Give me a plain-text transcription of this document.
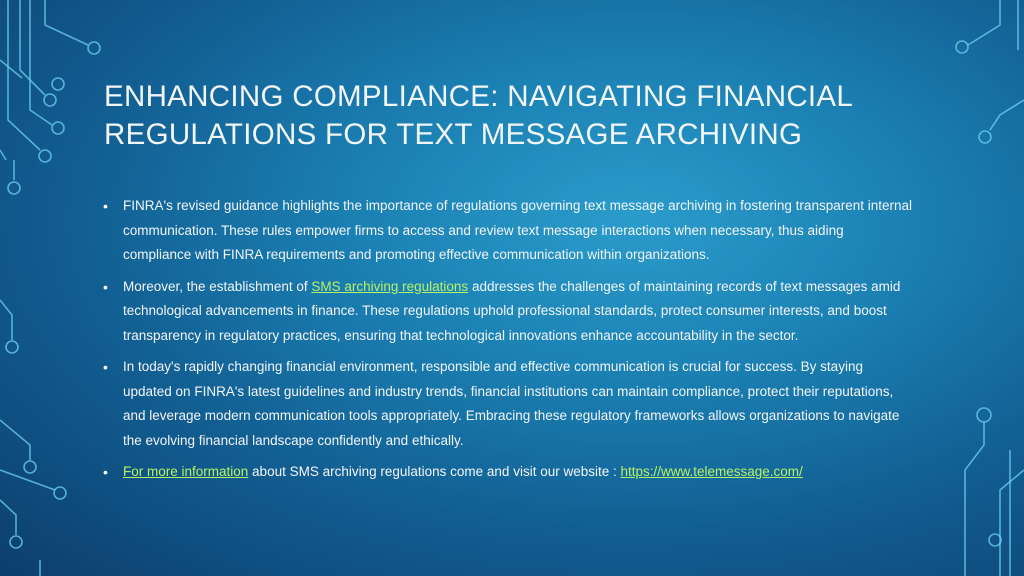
ENHANCING COMPLIANCE: NAVIGATING FINANCIAL REGULATIONS FOR TEXT MESSAGE ARCHIVING
• FINRA's revised guidance highlights the importance of regulations governing text message archiving in fostering transparent internal communication. These rules empower firms to access and review text message interactions when necessary, thus aiding compliance with FINRA requirements and promoting effective communication within organizations.
• Moreover, the establishment of SMS archiving regulations addresses the challenges of maintaining records of text messages amid technological advancements in finance. These regulations uphold professional standards, protect consumer interests, and boost transparency in regulatory practices, ensuring that technological innovations enhance accountability in the sector.
• In today's rapidly changing financial environment, responsible and effective communication is crucial for success. By staying updated on FINRA's latest guidelines and industry trends, financial institutions can maintain compliance, protect their reputations, and leverage modern communication tools appropriately. Embracing these regulatory frameworks allows organizations to navigate the evolving financial landscape confidently and ethically.
• For more information about SMS archiving regulations come and visit our website : https://www.telemessage.com/
